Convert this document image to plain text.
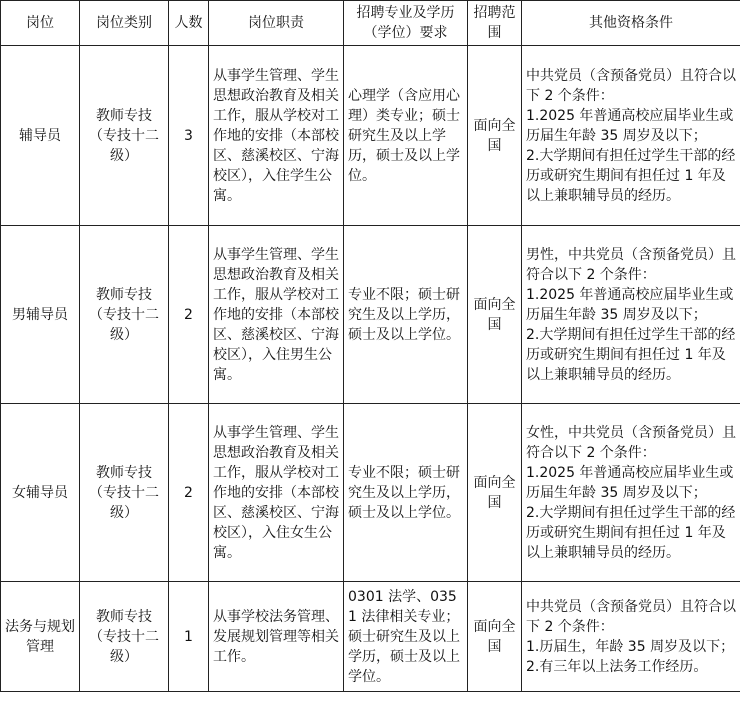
岗位	岗位类别	人数	岗位职责	招聘专业及学历（学位）要求	招聘范围	其他资格条件
辅导员	教师专技（专技十二级）	3	从事学生管理、学生思想政治教育及相关工作，服从学校对工作地的安排（本部校区、慈溪校区、宁海校区），入住学生公寓。	心理学（含应用心理）类专业；硕士研究生及以上学历，硕士及以上学位。	面向全国	中共党员（含预备党员）且符合以下 2 个条件：
1.2025 年普通高校应届毕业生或历届生年龄 35 周岁及以下；
2.大学期间有担任过学生干部的经历或研究生期间有担任过 1 年及以上兼职辅导员的经历。

男辅导员	教师专技（专技十二级）	2	从事学生管理、学生思想政治教育及相关工作，服从学校对工作地的安排（本部校区、慈溪校区、宁海校区），入住男生公寓。	专业不限；硕士研究生及以上学历，硕士及以上学位。	面向全国	男性，中共党员（含预备党员）且符合以下 2 个条件：
1.2025 年普通高校应届毕业生或历届生年龄 35 周岁及以下；
2.大学期间有担任过学生干部的经历或研究生期间有担任过 1 年及以上兼职辅导员的经历。

女辅导员	教师专技（专技十二级）	2	从事学生管理、学生思想政治教育及相关工作，服从学校对工作地的安排（本部校区、慈溪校区、宁海校区），入住女生公寓。	专业不限；硕士研究生及以上学历，硕士及以上学位。	面向全国	女性，中共党员（含预备党员）且符合以下 2 个条件：
1.2025 年普通高校应届毕业生或历届生年龄 35 周岁及以下；
2.大学期间有担任过学生干部的经历或研究生期间有担任过 1 年及以上兼职辅导员的经历。

法务与规划管理	教师专技（专技十二级）	1	从事学校法务管理、发展规划管理等相关工作。	0301 法学、0351 法律相关专业；硕士研究生及以上学历，硕士及以上学位。	面向全国	中共党员（含预备党员）且符合以下 2 个条件：
1.历届生，年龄 35 周岁及以下；
2.有三年以上法务工作经历。
